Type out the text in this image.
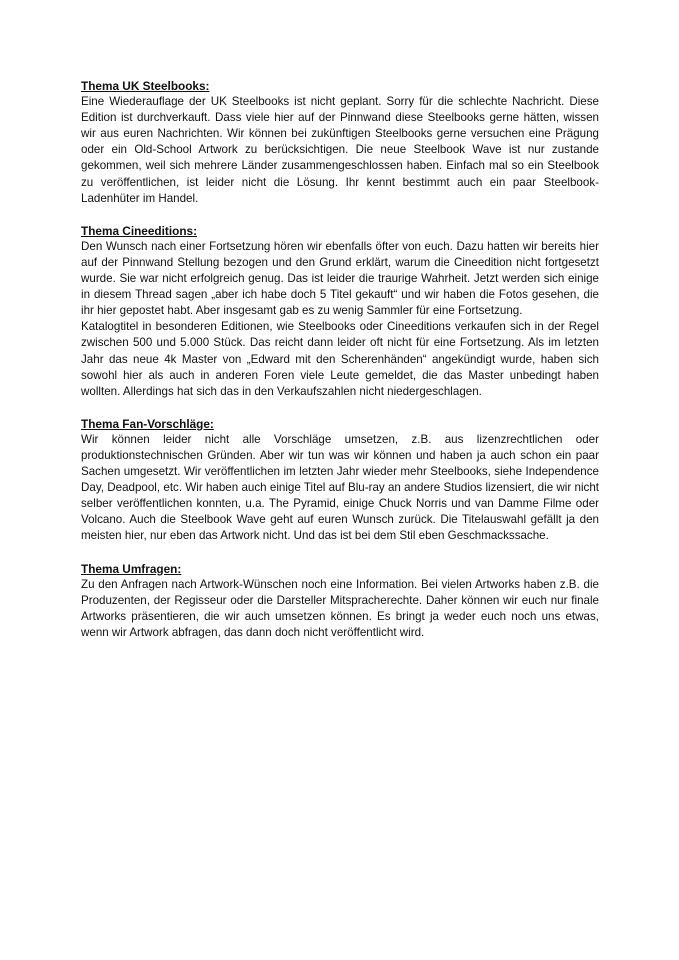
Thema UK Steelbooks:

Eine Wiederauflage der UK Steelbooks ist nicht geplant. Sorry für die schlechte Nachricht. Diese Edition ist durchverkauft. Dass viele hier auf der Pinnwand diese Steelbooks gerne hätten, wissen wir aus euren Nachrichten. Wir können bei zukünftigen Steelbooks gerne versuchen eine Prägung oder ein Old-School Artwork zu berücksichtigen. Die neue Steelbook Wave ist nur zustande gekommen, weil sich mehrere Länder zusammengeschlossen haben. Einfach mal so ein Steelbook zu veröffentlichen, ist leider nicht die Lösung. Ihr kennt bestimmt auch ein paar Steelbook-Ladenhüter im Handel.

Thema Cineeditions:

Den Wunsch nach einer Fortsetzung hören wir ebenfalls öfter von euch. Dazu hatten wir bereits hier auf der Pinnwand Stellung bezogen und den Grund erklärt, warum die Cineedition nicht fortgesetzt wurde. Sie war nicht erfolgreich genug. Das ist leider die traurige Wahrheit. Jetzt werden sich einige in diesem Thread sagen „aber ich habe doch 5 Titel gekauft“ und wir haben die Fotos gesehen, die ihr hier gepostet habt. Aber insgesamt gab es zu wenig Sammler für eine Fortsetzung.

Katalogtitel in besonderen Editionen, wie Steelbooks oder Cineeditions verkaufen sich in der Regel zwischen 500 und 5.000 Stück. Das reicht dann leider oft nicht für eine Fortsetzung. Als im letzten Jahr das neue 4k Master von „Edward mit den Scherenhänden“ angekündigt wurde, haben sich sowohl hier als auch in anderen Foren viele Leute gemeldet, die das Master unbedingt haben wollten. Allerdings hat sich das in den Verkaufszahlen nicht niedergeschlagen.

Thema Fan-Vorschläge:

Wir können leider nicht alle Vorschläge umsetzen, z.B. aus lizenzrechtlichen oder produktionstechnischen Gründen. Aber wir tun was wir können und haben ja auch schon ein paar Sachen umgesetzt. Wir veröffentlichen im letzten Jahr wieder mehr Steelbooks, siehe Independence Day, Deadpool, etc. Wir haben auch einige Titel auf Blu-ray an andere Studios lizensiert, die wir nicht selber veröffentlichen konnten, u.a. The Pyramid, einige Chuck Norris und van Damme Filme oder Volcano. Auch die Steelbook Wave geht auf euren Wunsch zurück. Die Titelauswahl gefällt ja den meisten hier, nur eben das Artwork nicht. Und das ist bei dem Stil eben Geschmackssache.

Thema Umfragen:

Zu den Anfragen nach Artwork-Wünschen noch eine Information. Bei vielen Artworks haben z.B. die Produzenten, der Regisseur oder die Darsteller Mitspracherechte. Daher können wir euch nur finale Artworks präsentieren, die wir auch umsetzen können. Es bringt ja weder euch noch uns etwas, wenn wir Artwork abfragen, das dann doch nicht veröffentlicht wird.
